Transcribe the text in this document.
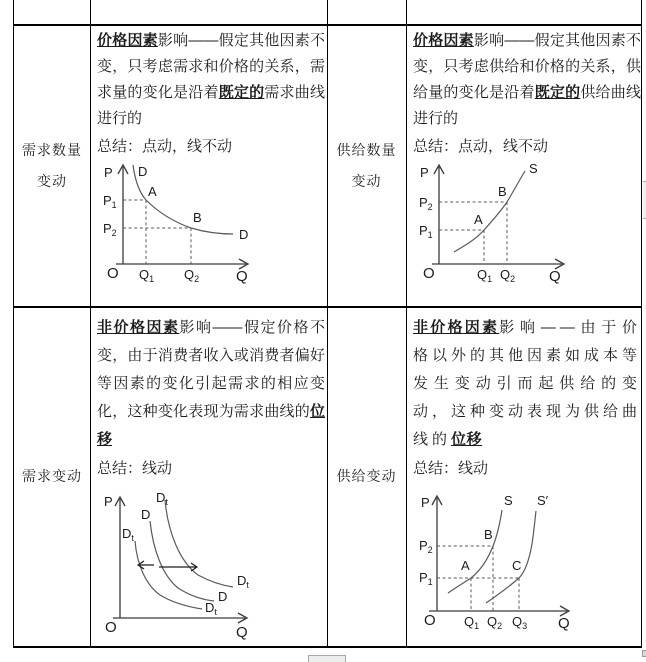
需求数量
变动
供给数量
变动

价格因素影响——假定其他因素不变，只考虑需求和价格的关系，需求量的变化是沿着既定的需求曲线进行的

总结：点动，线不动

价格因素影响——假定其他因素不变，只考虑供给和价格的关系，供给量的变化是沿着既定的供给曲线进行的

总结：点动，线不动

P
O
D
D
A
B
$P_1$
$P_2$
$Q_1$ $Q_2$ Q
P
O
S
A
B
$P_2$
$P_1$
$Q_1$ $Q_2$ Q
需求变动	供给变动

非价格因素影响——假定价格不变，由于消费者收入或消费者偏好等因素的变化引起需求的相应变化，这种变化表现为需求曲线的位移

总结：线动

非价格因素影响——由于价格以外的其他因素如成本等发生变动引而起供给的变动，这种变动表现为供给曲线的位移

总结：线动

P
O	Q
$D_t$
D
$D_t$
$D_t$
D
$D_t$
P
O
S S′
A
B
C
$P_2$
$P_1$
$Q_1$ $Q_2$ $Q_3$ Q
